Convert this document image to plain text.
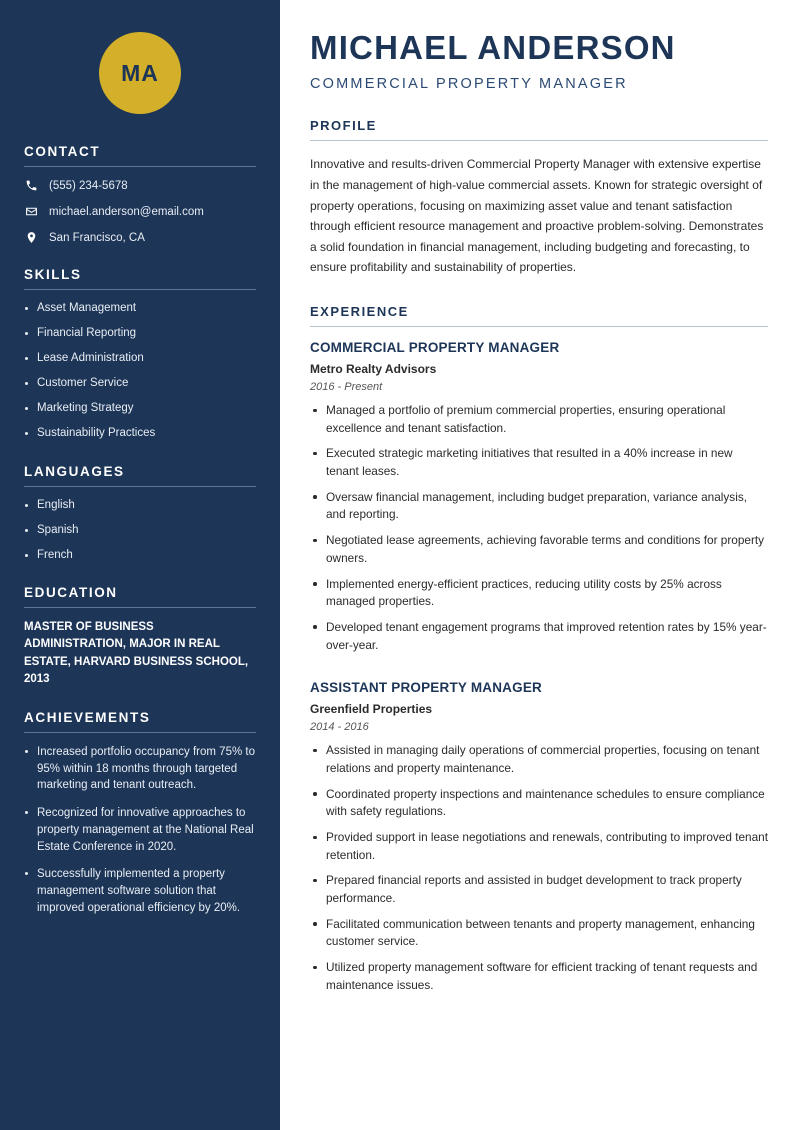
MA
CONTACT
(555) 234-5678
michael.anderson@email.com
San Francisco, CA
SKILLS
Asset Management
Financial Reporting
Lease Administration
Customer Service
Marketing Strategy
Sustainability Practices
LANGUAGES
English
Spanish
French
EDUCATION
MASTER OF BUSINESS ADMINISTRATION, MAJOR IN REAL ESTATE, HARVARD BUSINESS SCHOOL, 2013
ACHIEVEMENTS
Increased portfolio occupancy from 75% to 95% within 18 months through targeted marketing and tenant outreach.
Recognized for innovative approaches to property management at the National Real Estate Conference in 2020.
Successfully implemented a property management software solution that improved operational efficiency by 20%.
MICHAEL ANDERSON
COMMERCIAL PROPERTY MANAGER
PROFILE

Innovative and results-driven Commercial Property Manager with extensive expertise in the management of high-value commercial assets. Known for strategic oversight of property operations, focusing on maximizing asset value and tenant satisfaction through efficient resource management and proactive problem-solving. Demonstrates a solid foundation in financial management, including budgeting and forecasting, to ensure profitability and sustainability of properties.

EXPERIENCE
COMMERCIAL PROPERTY MANAGER
Metro Realty Advisors
2016 - Present
Managed a portfolio of premium commercial properties, ensuring operational excellence and tenant satisfaction.
Executed strategic marketing initiatives that resulted in a 40% increase in new tenant leases.
Oversaw financial management, including budget preparation, variance analysis, and reporting.
Negotiated lease agreements, achieving favorable terms and conditions for property owners.
Implemented energy-efficient practices, reducing utility costs by 25% across managed properties.
Developed tenant engagement programs that improved retention rates by 15% year-over-year.
ASSISTANT PROPERTY MANAGER
Greenfield Properties
2014 - 2016
Assisted in managing daily operations of commercial properties, focusing on tenant relations and property maintenance.
Coordinated property inspections and maintenance schedules to ensure compliance with safety regulations.
Provided support in lease negotiations and renewals, contributing to improved tenant retention.
Prepared financial reports and assisted in budget development to track property performance.
Facilitated communication between tenants and property management, enhancing customer service.
Utilized property management software for efficient tracking of tenant requests and maintenance issues.
